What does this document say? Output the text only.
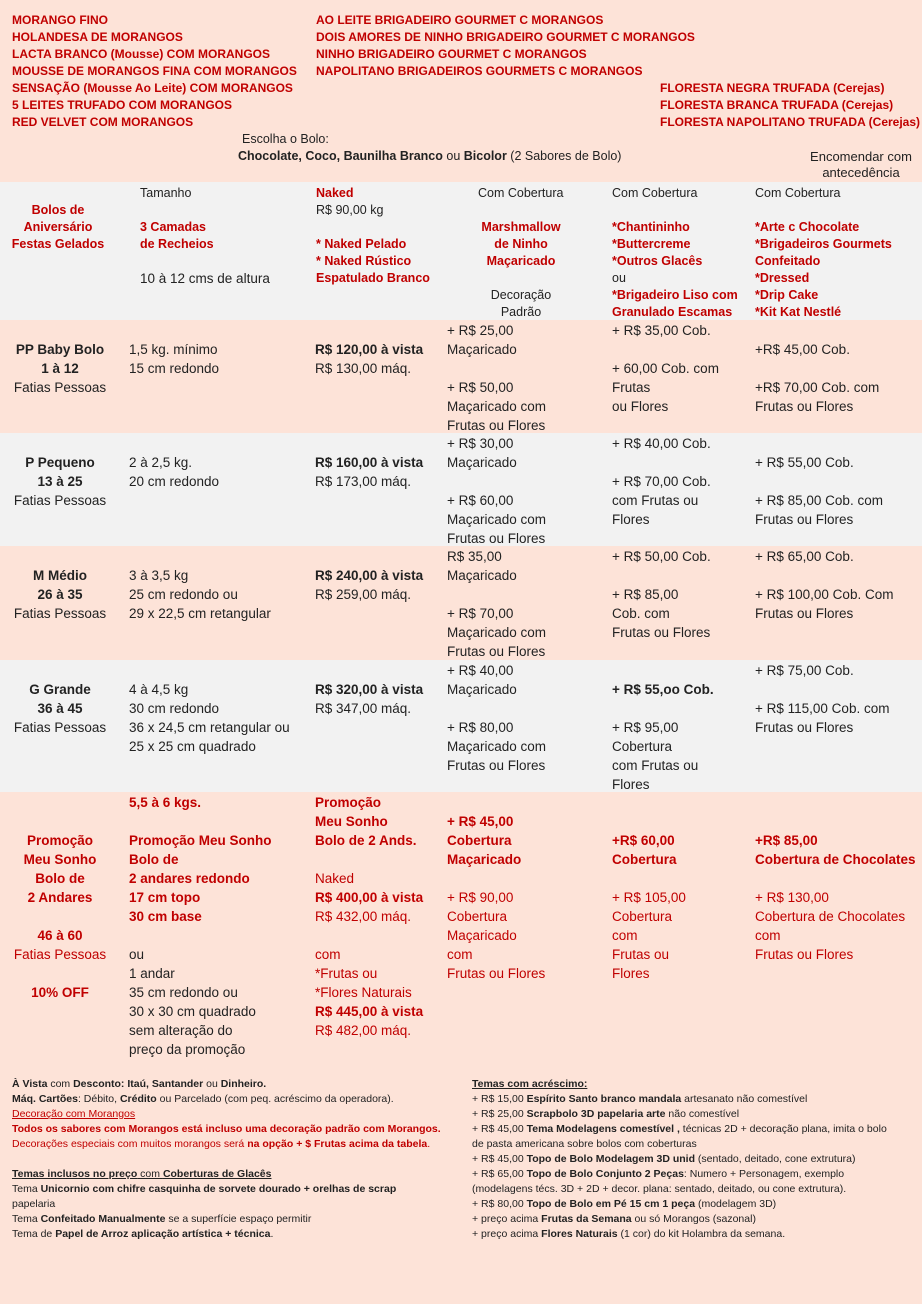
MORANGO FINO
HOLANDESA DE MORANGOS
LACTA BRANCO (Mousse) COM MORANGOS
MOUSSE DE MORANGOS FINA COM MORANGOS
SENSAÇÃO (Mousse Ao Leite) COM MORANGOS
5 LEITES TRUFADO COM MORANGOS
RED VELVET COM MORANGOS
AO LEITE BRIGADEIRO GOURMET C MORANGOS
DOIS AMORES DE NINHO BRIGADEIRO GOURMET C MORANGOS
NINHO BRIGADEIRO GOURMET C MORANGOS
NAPOLITANO BRIGADEIROS GOURMETS C MORANGOS
FLORESTA NEGRA TRUFADA (Cerejas)
FLORESTA BRANCA TRUFADA (Cerejas)
FLORESTA NAPOLITANO TRUFADA (Cerejas)
Escolha o Bolo:
Chocolate, Coco, Baunilha Branco ou Bicolor (2 Sabores de Bolo)	Encomendar com
antecedência
Bolos de
Aniversário
Festas Gelados
Tamanho
3 Camadas
de Recheios
10 à 12 cms de altura
Naked
R$ 90,00 kg
* Naked Pelado
* Naked Rústico
Espatulado Branco
Com Cobertura
Marshmallow
de Ninho
Maçaricado
Decoração
Padrão
Com Cobertura
*Chantininho
*Buttercreme
*Outros Glacês
ou
*Brigadeiro Liso com
Granulado Escamas
Com Cobertura
*Arte c Chocolate
*Brigadeiros Gourmets
Confeitado
*Dressed
*Drip Cake
*Kit Kat Nestlé
PP Baby Bolo
1 à 12
Fatias Pessoas
1,5 kg. mínimo
15 cm redondo
R$ 120,00 à vista
R$ 130,00 máq.
+ R$ 25,00
Maçaricado

+ R$ 50,00
Maçaricado com
Frutas ou Flores
+ R$ 35,00 Cob.

+ 60,00 Cob. com
Frutas
ou Flores

+R$ 45,00 Cob.

+R$ 70,00 Cob. com
Frutas ou Flores
P Pequeno
13 à 25
Fatias Pessoas
2 à 2,5 kg.
20 cm redondo
R$ 160,00 à vista
R$ 173,00 máq.
+ R$ 30,00
Maçaricado

+ R$ 60,00
Maçaricado com
Frutas ou Flores
+ R$ 40,00 Cob.

+ R$ 70,00 Cob.
com Frutas ou
Flores

+ R$ 55,00 Cob.

+ R$ 85,00 Cob. com
Frutas ou Flores
M Médio
26 à 35
Fatias Pessoas
3 à 3,5 kg
25 cm redondo ou
29 x 22,5 cm retangular
R$ 240,00 à vista
R$ 259,00 máq.
R$ 35,00
Maçaricado

+ R$ 70,00
Maçaricado com
Frutas ou Flores
+ R$ 50,00 Cob.

+ R$ 85,00
Cob. com
Frutas ou Flores
+ R$ 65,00 Cob.

+ R$ 100,00 Cob. Com
Frutas ou Flores
G Grande
36 à 45
Fatias Pessoas
4 à 4,5 kg
30 cm redondo
36 x 24,5 cm retangular ou
25 x 25 cm quadrado
R$ 320,00 à vista
R$ 347,00 máq.
+ R$ 40,00
Maçaricado

+ R$ 80,00
Maçaricado com
Frutas ou Flores
+ R$ 55,oo Cob.

+ R$ 95,00
Cobertura
com Frutas ou
Flores
+ R$ 75,00 Cob.

+ R$ 115,00 Cob. com
Frutas ou Flores
Promoção
Meu Sonho
Bolo de
2 Andares

46 à 60
Fatias Pessoas
10% OFF
5,5 à 6 kgs.

Promoção Meu Sonho
Bolo de
2 andares redondo
17 cm topo
30 cm base

ou
1 andar
35 cm redondo ou
30 x 30 cm quadrado
sem alteração do
preço da promoção
Promoção
Meu Sonho
Bolo de 2 Ands.

Naked
R$ 400,00 à vista
R$ 432,00 máq.

com
*Frutas ou
*Flores Naturais
R$ 445,00 à vista
R$ 482,00 máq.
+ R$ 45,00
Cobertura
Maçaricado

+ R$ 90,00
Cobertura
Maçaricado
com
Frutas ou Flores
+R$ 60,00
Cobertura

+ R$ 105,00
Cobertura
com
Frutas ou
Flores
+R$ 85,00
Cobertura de Chocolates

+ R$ 130,00
Cobertura de Chocolates
com
Frutas ou Flores
À Vista com Desconto: Itaú, Santander ou Dinheiro.
Máq. Cartões: Débito, Crédito ou Parcelado (com peq. acréscimo da operadora).
Decoração com Morangos
Todos os sabores com Morangos está incluso uma decoração padrão com Morangos.
Decorações especiais com muitos morangos será na opção + $ Frutas acima da tabela.
Temas inclusos no preço com Coberturas de Glacês
Tema Unicornio com chifre casquinha de sorvete dourado + orelhas de scrap
papelaria
Tema Confeitado Manualmente se a superfície espaço permitir
Tema de Papel de Arroz aplicação artística + técnica.
Temas com acréscimo:
+ R$ 15,00 Espírito Santo branco mandala artesanato não comestível
+ R$ 25,00 Scrapbolo 3D papelaria arte não comestível
+ R$ 45,00 Tema Modelagens comestível , técnicas 2D + decoração plana, imita o bolo
de pasta americana sobre bolos com coberturas
+ R$ 45,00 Topo de Bolo Modelagem 3D unid (sentado, deitado, cone extrutura)
+ R$ 65,00 Topo de Bolo Conjunto 2 Peças: Numero + Personagem, exemplo
(modelagens técs. 3D + 2D + decor. plana: sentado, deitado, ou cone extrutura).
+ R$ 80,00 Topo de Bolo em Pé 15 cm 1 peça (modelagem 3D)
+ preço acima Frutas da Semana ou só Morangos (sazonal)
+ preço acima Flores Naturais (1 cor) do kit Holambra da semana.
